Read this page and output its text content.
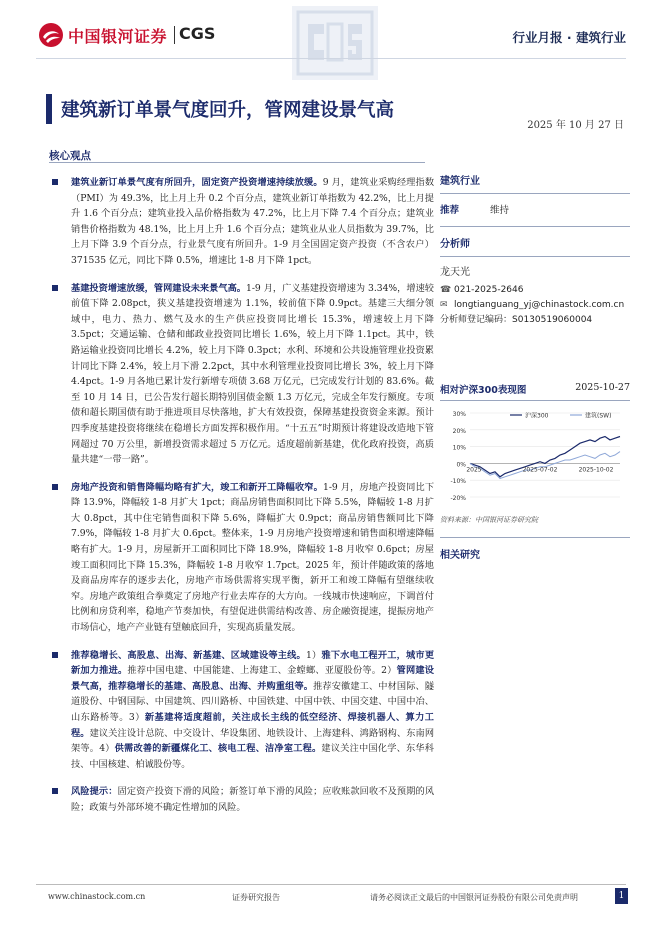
中国银河证券 CGS	行业月报 · 建筑行业
建筑新订单景气度回升，管网建设景气高
2025 年 10 月 27 日
核心观点
建筑业新订单景气度有所回升，固定资产投资增速持续放缓。9 月，建筑业采购经理指数（PMI）为 49.3%，比上月上升 0.2 个百分点，建筑业新订单指数为 42.2%，比上月提升 1.6 个百分点；建筑业投入品价格指数为 47.2%，比上月下降 7.4 个百分点；建筑业销售价格指数为 48.1%，比上月上升 1.6 个百分点；建筑业从业人员指数为 39.7%，比上月下降 3.9 个百分点，行业景气度有所回升。1-9 月全国固定资产投资（不含农户）371535 亿元，同比下降 0.5%，增速比 1-8 月下降 1pct。
基建投资增速放缓，管网建设未来景气高。1-9 月，广义基建投资增速为 3.34%，增速较前值下降 2.08pct，狭义基建投资增速为 1.1%，较前值下降 0.9pct。基建三大细分领域中，电力、热力、燃气及水的生产供应投资同比增长 15.3%，增速较上月下降 3.5pct；交通运输、仓储和邮政业投资同比增长 1.6%，较上月下降 1.1pct。其中，铁路运输业投资同比增长 4.2%，较上月下降 0.3pct；水利、环境和公共设施管理业投资累计同比下降 2.4%，较上月下滑 2.2pct，其中水利管理业投资同比增长 3%，较上月下降 4.4pct。1-9 月各地已累计发行新增专项债 3.68 万亿元，已完成发行计划的 83.6%。截至 10 月 14 日，已公告发行超长期特别国债金额 1.3 万亿元，完成全年发行额度。专项债和超长期国债有助于推进项目尽快落地，扩大有效投资，保障基建投资资金来源。预计四季度基建投资将继续在稳增长方面发挥积极作用。“十五五”时期预计将建设改造地下管网超过 70 万公里，新增投资需求超过 5 万亿元。适度超前新基建，优化政府投资，高质量共建“一带一路”。
房地产投资和销售降幅均略有扩大，竣工和新开工降幅收窄。1-9 月，房地产投资同比下降 13.9%，降幅较 1-8 月扩大 1pct；商品房销售面积同比下降 5.5%，降幅较 1-8 月扩大 0.8pct，其中住宅销售面积下降 5.6%，降幅扩大 0.9pct；商品房销售额同比下降 7.9%，降幅较 1-8 月扩大 0.6pct。整体来，1-9 月房地产投资增速和销售面积增速降幅略有扩大。1-9 月，房屋新开工面积同比下降 18.9%，降幅较 1-8 月收窄 0.6pct；房屋竣工面积同比下降 15.3%，降幅较 1-8 月收窄 1.7pct。2025 年，预计伴随政策的落地及商品房库存的逐步去化，房地产市场供需将实现平衡，新开工和竣工降幅有望继续收窄。房地产政策组合拳奠定了房地产行业去库存的大方向。一线城市快速响应，下调首付比例和房贷利率，稳地产节奏加快，有望促进供需结构改善、房企融资提速，提振房地产市场信心，地产产业链有望触底回升，实现高质量发展。
推荐稳增长、高股息、出海、新基建、区域建设等主线。1）雅下水电工程开工，城市更新加力推进。推荐中国电建、中国能建、上海建工、金螳螂、亚厦股份等。2）管网建设景气高，推荐稳增长的基建、高股息、出海、并购重组等。推荐安徽建工、中材国际、隧道股份、中钢国际、中国建筑、四川路桥、中国铁建、中国中铁、中国交建、中国中冶、山东路桥等。3）新基建将适度超前，关注成长主线的低空经济、焊接机器人、算力工程。建议关注设计总院、中交设计、华设集团、地铁设计、上海建科、鸿路钢构、东南网架等。4）供需改善的新疆煤化工、核电工程、洁净室工程。建议关注中国化学、东华科技、中国核建、柏诚股份等。
风险提示：固定资产投资下滑的风险；新签订单下滑的风险；应收账款回收不及预期的风险；政策与外部环境不确定性增加的风险。
建筑行业
推荐	维持
分析师
龙天光
☎ 021-2025-2646
✉ longtianguang_yj@chinastock.com.cn
分析师登记编码：S0130519060004
相对沪深300表现图	2025-10-27
30%
20%
10%
0%
-10%
-20%
2025	2025-07-02	2025-10-02
沪深300	建筑(SW)
资料来源：中国银河证券研究院
相关研究
www.chinastock.com.cn	证券研究报告	请务必阅读正文最后的中国银河证券股份有限公司免责声明	1
